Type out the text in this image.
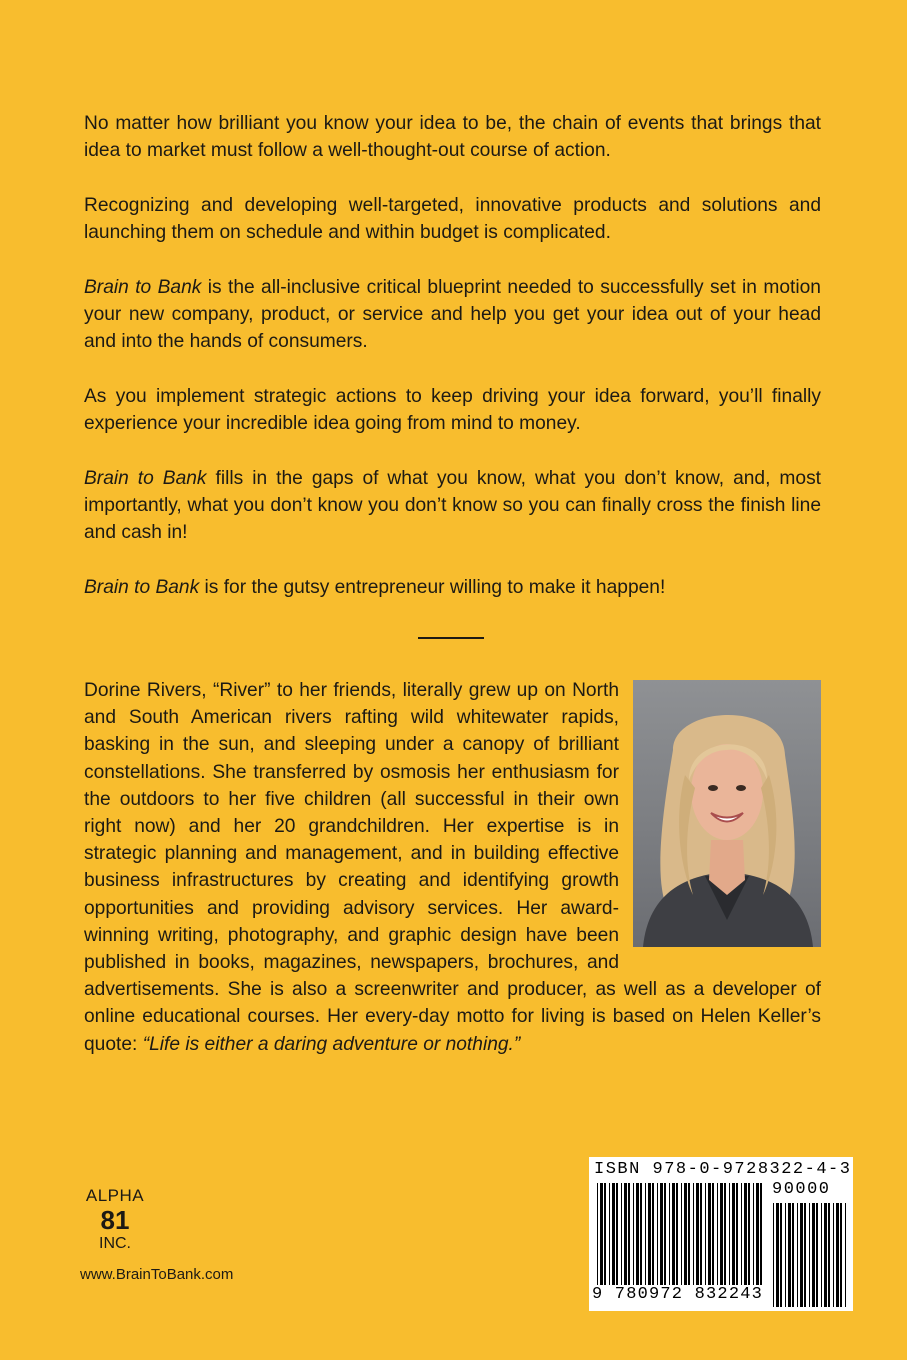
No matter how brilliant you know your idea to be, the chain of events that brings that idea to market must follow a well-thought-out course of action.

Recognizing and developing well-targeted, innovative products and solutions and launching them on schedule and within budget is complicated.

Brain to Bank is the all-inclusive critical blueprint needed to successfully set in motion your new company, product, or service and help you get your idea out of your head and into the hands of consumers.

As you implement strategic actions to keep driving your idea forward, you’ll finally experience your incredible idea going from mind to money.

Brain to Bank fills in the gaps of what you know, what you don’t know, and, most importantly, what you don’t know you don’t know so you can finally cross the finish line and cash in!

Brain to Bank is for the gutsy entrepreneur willing to make it happen!

Dorine Rivers, “River” to her friends, literally grew up on North and South American rivers rafting wild whitewater rapids, basking in the sun, and sleeping under a canopy of brilliant constellations. She transferred by osmosis her enthusiasm for the outdoors to her five children (all successful in their own right now) and her 20 grandchildren. Her expertise is in strategic planning and management, and in building effective business infrastructures by creating and identifying growth opportunities and providing advisory services. Her award-winning writing, photography, and graphic design have been published in books, magazines, newspapers, brochures, and advertisements. She is also a screenwriter and producer, as well as a developer of online educational courses. Her every-day motto for living is based on Helen Keller’s quote: “Life is either a daring adventure or nothing.”

ALPHA
81
INC.
www.BrainToBank.com
ISBN 978-0-9728322-4-3
90000
9 780972 832243
